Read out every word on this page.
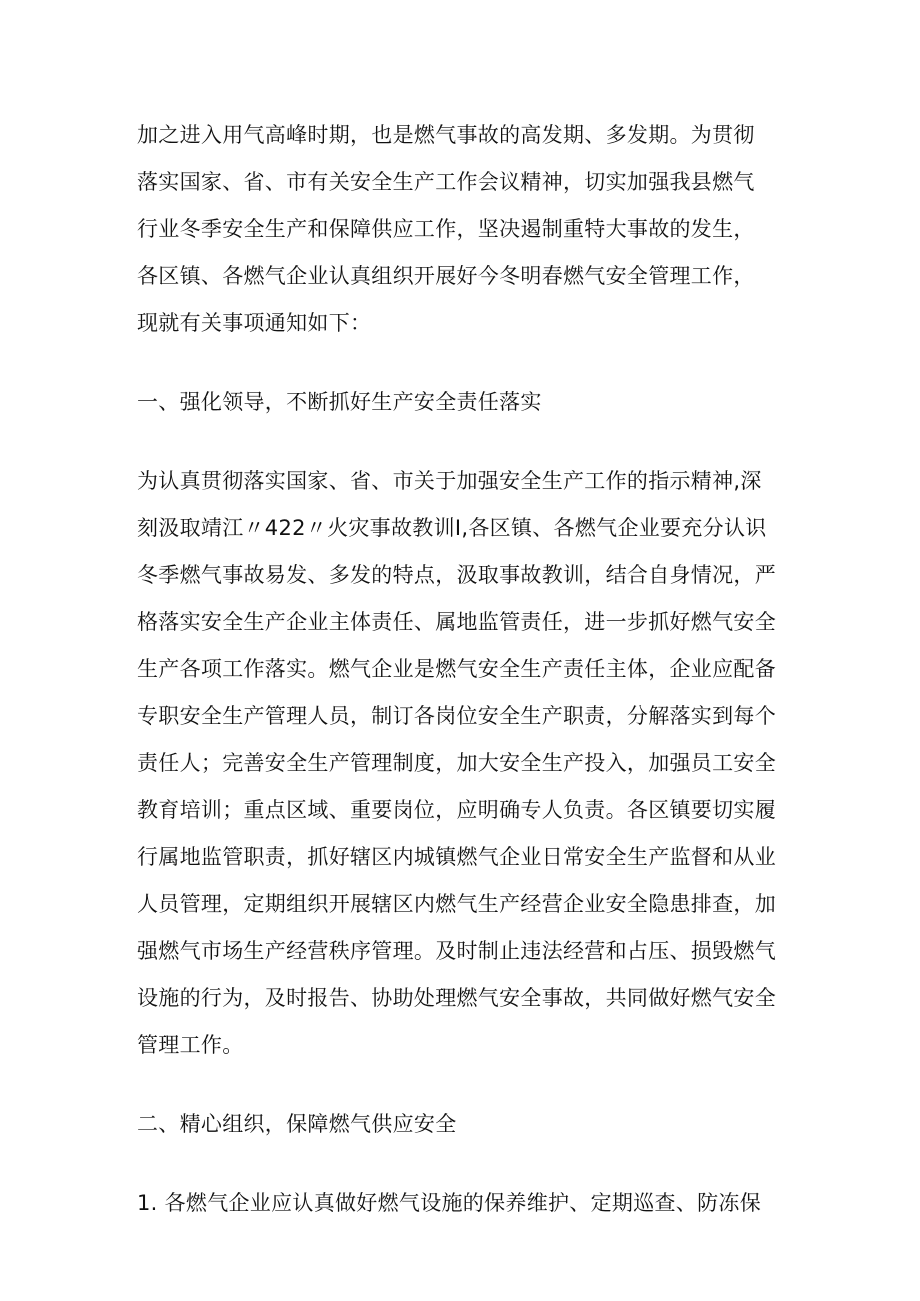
加之进入用气高峰时期，也是燃气事故的高发期、多发期。为贯彻
落实国家、省、市有关安全生产工作会议精神，切实加强我县燃气
行业冬季安全生产和保障供应工作，坚决遏制重特大事故的发生，
各区镇、各燃气企业认真组织开展好今冬明春燃气安全管理工作，
现就有关事项通知如下：
一、强化领导，不断抓好生产安全责任落实
为认真贯彻落实国家、省、市关于加强安全生产工作的指示精神,深
刻汲取靖江〃422〃火灾事故教训I,各区镇、各燃气企业要充分认识
冬季燃气事故易发、多发的特点，汲取事故教训，结合自身情况，严
格落实安全生产企业主体责任、属地监管责任，进一步抓好燃气安全
生产各项工作落实。燃气企业是燃气安全生产责任主体，企业应配备
专职安全生产管理人员，制订各岗位安全生产职责，分解落实到每个
责任人；完善安全生产管理制度，加大安全生产投入，加强员工安全
教育培训；重点区域、重要岗位，应明确专人负责。各区镇要切实履
行属地监管职责，抓好辖区内城镇燃气企业日常安全生产监督和从业
人员管理，定期组织开展辖区内燃气生产经营企业安全隐患排查，加
强燃气市场生产经营秩序管理。及时制止违法经营和占压、损毁燃气
设施的行为，及时报告、协助处理燃气安全事故，共同做好燃气安全
管理工作。
二、精心组织，保障燃气供应安全
1. 各燃气企业应认真做好燃气设施的保养维护、定期巡查、防冻保
